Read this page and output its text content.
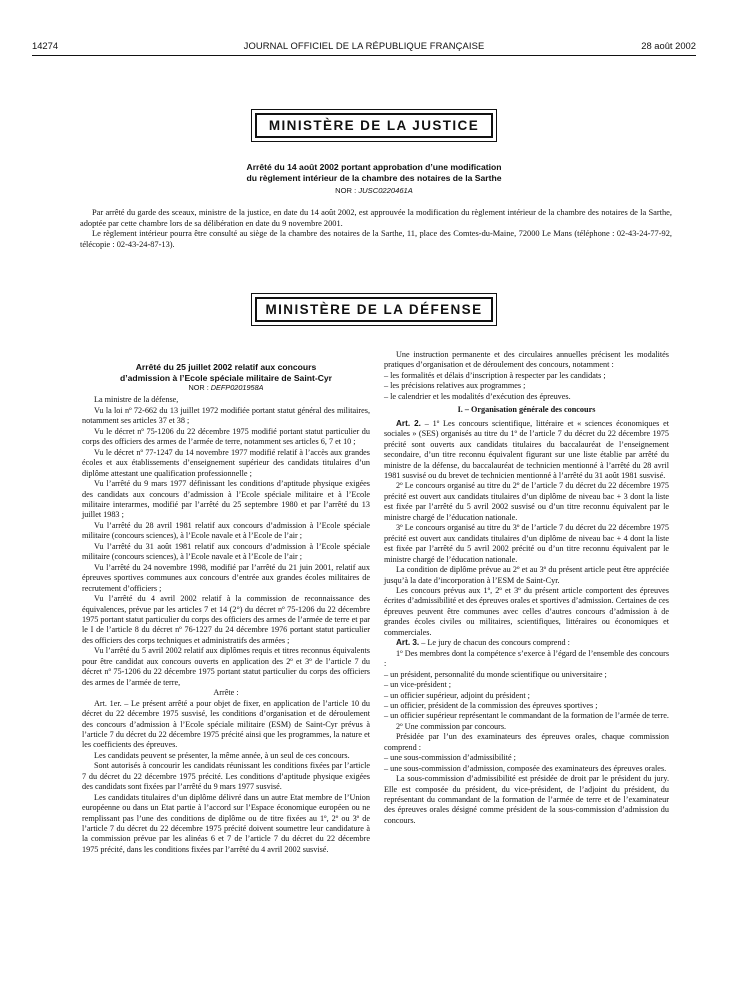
14274	JOURNAL OFFICIEL DE LA RÉPUBLIQUE FRANÇAISE	28 août 2002
MINISTÈRE DE LA JUSTICE
Arrêté du 14 août 2002 portant approbation d’une modification
du règlement intérieur de la chambre des notaires de la Sarthe
NOR : JUSC0220461A

Par arrêté du garde des sceaux, ministre de la justice, en date du 14 août 2002, est approuvée la modification du règlement intérieur de la chambre des notaires de la Sarthe, adoptée par cette chambre lors de sa délibération en date du 9 novembre 2001.

Le règlement intérieur pourra être consulté au siège de la chambre des notaires de la Sarthe, 11, place des Comtes-du-Maine, 72000 Le Mans (téléphone : 02-43-24-77-92, télécopie : 02-43-24-87-13).

MINISTÈRE DE LA DÉFENSE
Arrêté du 25 juillet 2002 relatif aux concours
d’admission à l’Ecole spéciale militaire de Saint-Cyr
NOR : DEFP0201958A

La ministre de la défense,

Vu la loi nº 72-662 du 13 juillet 1972 modifiée portant statut général des militaires, notamment ses articles 37 et 38 ;

Vu le décret nº 75-1206 du 22 décembre 1975 modifié portant statut particulier du corps des officiers des armes de l’armée de terre, notamment ses articles 6, 7 et 10 ;

Vu le décret nº 77-1247 du 14 novembre 1977 modifié relatif à l’accès aux grandes écoles et aux établissements d’enseignement supérieur des candidats titulaires d’un diplôme attestant une qualification professionnelle ;

Vu l’arrêté du 9 mars 1977 définissant les conditions d’aptitude physique exigées des candidats aux concours d’admission à l’Ecole spéciale militaire et à l’Ecole militaire interarmes, modifié par l’arrêté du 25 septembre 1980 et par l’arrêté du 13 juillet 1983 ;

Vu l’arrêté du 28 avril 1981 relatif aux concours d’admission à l’Ecole spéciale militaire (concours sciences), à l’Ecole navale et à l’Ecole de l’air ;

Vu l’arrêté du 31 août 1981 relatif aux concours d’admission à l’Ecole spéciale militaire (concours sciences), à l’Ecole navale et à l’Ecole de l’air ;

Vu l’arrêté du 24 novembre 1998, modifié par l’arrêté du 21 juin 2001, relatif aux épreuves sportives communes aux concours d’entrée aux grandes écoles militaires de recrutement d’officiers ;

Vu l’arrêté du 4 avril 2002 relatif à la commission de reconnaissance des équivalences, prévue par les articles 7 et 14 (2°) du décret nº 75-1206 du 22 décembre 1975 portant statut particulier du corps des officiers des armes de l’armée de terre et par le I de l’article 8 du décret nº 76-1227 du 24 décembre 1976 portant statut particulier des officiers des corps techniques et administratifs des armées ;

Vu l’arrêté du 5 avril 2002 relatif aux diplômes requis et titres reconnus équivalents pour être candidat aux concours ouverts en application des 2º et 3º de l’article 7 du décret nº 75-1206 du 22 décembre 1975 portant statut particulier du corps des officiers des armes de l’armée de terre,

Arrête :

Art. 1er. – Le présent arrêté a pour objet de fixer, en application de l’article 10 du décret du 22 décembre 1975 susvisé, les conditions d’organisation et de déroulement des concours d’admission à l’Ecole spéciale militaire (ESM) de Saint-Cyr prévus à l’article 7 du décret du 22 décembre 1975 précité ainsi que les programmes, la nature et les coefficients des épreuves.

Les candidats peuvent se présenter, la même année, à un seul de ces concours.

Sont autorisés à concourir les candidats réunissant les conditions fixées par l’article 7 du décret du 22 décembre 1975 précité. Les conditions d’aptitude physique exigées des candidats sont fixées par l’arrêté du 9 mars 1977 susvisé.

Les candidats titulaires d’un diplôme délivré dans un autre Etat membre de l’Union européenne ou dans un Etat partie à l’accord sur l’Espace économique européen ou ne remplissant pas l’une des conditions de diplôme ou de titre fixées au 1º, 2º ou 3º de l’article 7 du décret du 22 décembre 1975 précité doivent soumettre leur candidature à la commission prévue par les alinéas 6 et 7 de l’article 7 du décret du 22 décembre 1975 précité, dans les conditions fixées par l’arrêté du 4 avril 2002 susvisé.

Une instruction permanente et des circulaires annuelles précisent les modalités pratiques d’organisation et de déroulement des concours, notamment :

– les formalités et délais d’inscription à respecter par les candidats ;

– les précisions relatives aux programmes ;

– le calendrier et les modalités d’exécution des épreuves.

I. – Organisation générale des concours

Art. 2. – 1º Les concours scientifique, littéraire et « sciences économiques et sociales » (SES) organisés au titre du 1º de l’article 7 du décret du 22 décembre 1975 précité sont ouverts aux candidats titulaires du baccalauréat de l’enseignement secondaire, d’un titre reconnu équivalent figurant sur une liste établie par arrêté du ministre de la défense, du baccalauréat de technicien mentionné à l’arrêté du 28 avril 1981 susvisé ou du brevet de technicien mentionné à l’arrêté du 31 août 1981 susvisé.

2º Le concours organisé au titre du 2º de l’article 7 du décret du 22 décembre 1975 précité est ouvert aux candidats titulaires d’un diplôme de niveau bac + 3 dont la liste est fixée par l’arrêté du 5 avril 2002 susvisé ou d’un titre reconnu équivalent par le ministre chargé de l’éducation nationale.

3º Le concours organisé au titre du 3º de l’article 7 du décret du 22 décembre 1975 précité est ouvert aux candidats titulaires d’un diplôme de niveau bac + 4 dont la liste est fixée par l’arrêté du 5 avril 2002 précité ou d’un titre reconnu équivalent par le ministre chargé de l’éducation nationale.

La condition de diplôme prévue au 2º et au 3º du présent article peut être appréciée jusqu’à la date d’incorporation à l’ESM de Saint-Cyr.

Les concours prévus aux 1º, 2º et 3º du présent article comportent des épreuves écrites d’admissibilité et des épreuves orales et sportives d’admission. Certaines de ces épreuves peuvent être communes avec celles d’autres concours d’admission à de grandes écoles civiles ou militaires, scientifiques, littéraires ou économiques et commerciales.

Art. 3. – Le jury de chacun des concours comprend :

1º Des membres dont la compétence s’exerce à l’égard de l’ensemble des concours :

– un président, personnalité du monde scientifique ou universitaire ;

– un vice-président ;

– un officier supérieur, adjoint du président ;

– un officier, président de la commission des épreuves sportives ;

– un officier supérieur représentant le commandant de la formation de l’armée de terre.

2º Une commission par concours.

Présidée par l’un des examinateurs des épreuves orales, chaque commission comprend :

– une sous-commission d’admissibilité ;

– une sous-commission d’admission, composée des examinateurs des épreuves orales.

La sous-commission d’admissibilité est présidée de droit par le président du jury. Elle est composée du président, du vice-président, de l’adjoint du président, du représentant du commandant de la formation de l’armée de terre et de l’examinateur des épreuves orales désigné comme président de la sous-commission d’admission du concours.
